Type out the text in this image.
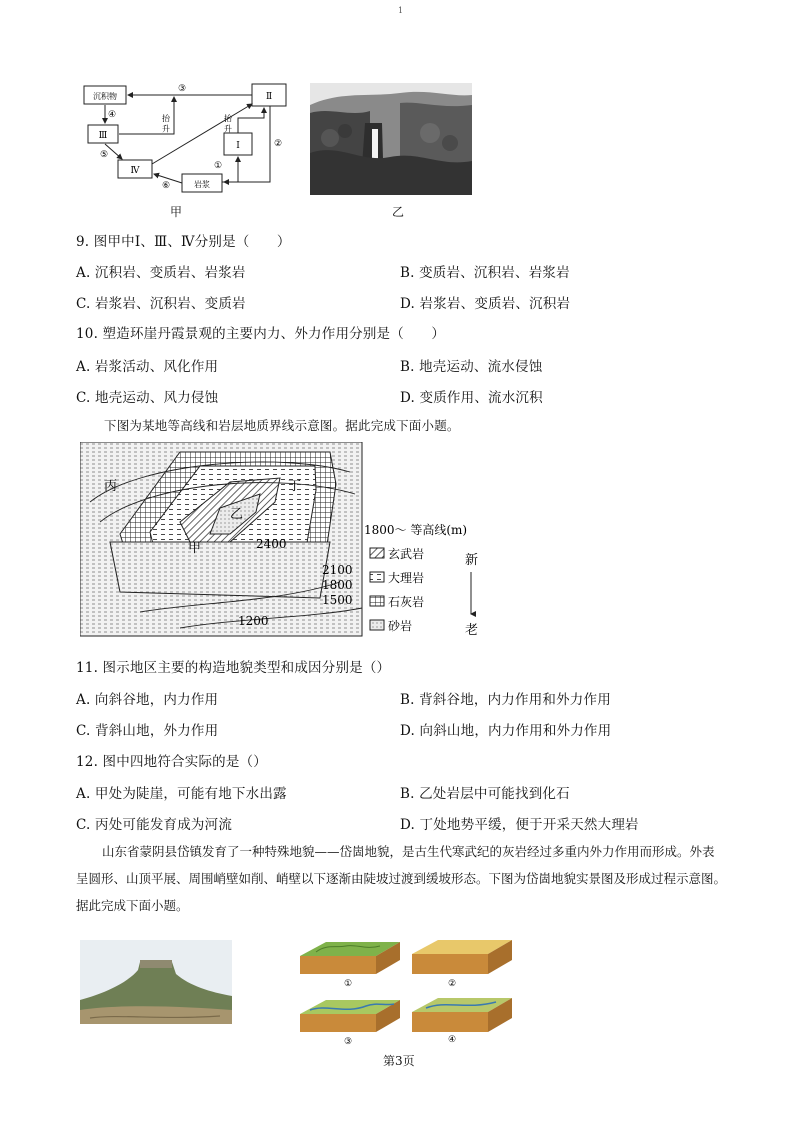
1
沉积物
Ⅲ
Ⅳ
岩浆
Ⅰ
Ⅱ
③
④
⑤
⑥
①
②
抬 升	抬 升
甲	乙
9. 图甲中Ⅰ、Ⅲ、Ⅳ分别是（　　）
A. 沉积岩、变质岩、岩浆岩	B. 变质岩、沉积岩、岩浆岩
C. 岩浆岩、沉积岩、变质岩	D. 岩浆岩、变质岩、沉积岩
10. 塑造环崖丹霞景观的主要内力、外力作用分别是（　　）
A. 岩浆活动、风化作用	B. 地壳运动、流水侵蚀
C. 地壳运动、风力侵蚀	D. 变质作用、流水沉积
下图为某地等高线和岩层地质界线示意图。据此完成下面小题。
丙	丁
乙
甲	2400
2100
1800
1500
1200
1800～ 等高线(m)
玄武岩
大理岩
石灰岩
砂岩
新
老
11. 图示地区主要的构造地貌类型和成因分别是（）
A. 向斜谷地，内力作用	B. 背斜谷地，内力作用和外力作用
C. 背斜山地，外力作用	D. 向斜山地，内力作用和外力作用
12. 图中四地符合实际的是（）
A. 甲处为陡崖，可能有地下水出露	B. 乙处岩层中可能找到化石
C. 丙处可能发育成为河流	D. 丁处地势平缓，便于开采天然大理岩
山东省蒙阴县岱镇发育了一种特殊地貌——岱崮地貌，是古生代寒武纪的灰岩经过多重内外力作用而形成。外表呈圆形、山顶平展、周围峭壁如削、峭壁以下逐渐由陡坡过渡到缓坡形态。下图为岱崮地貌实景图及形成过程示意图。据此完成下面小题。
①	②
③	④
第3页
